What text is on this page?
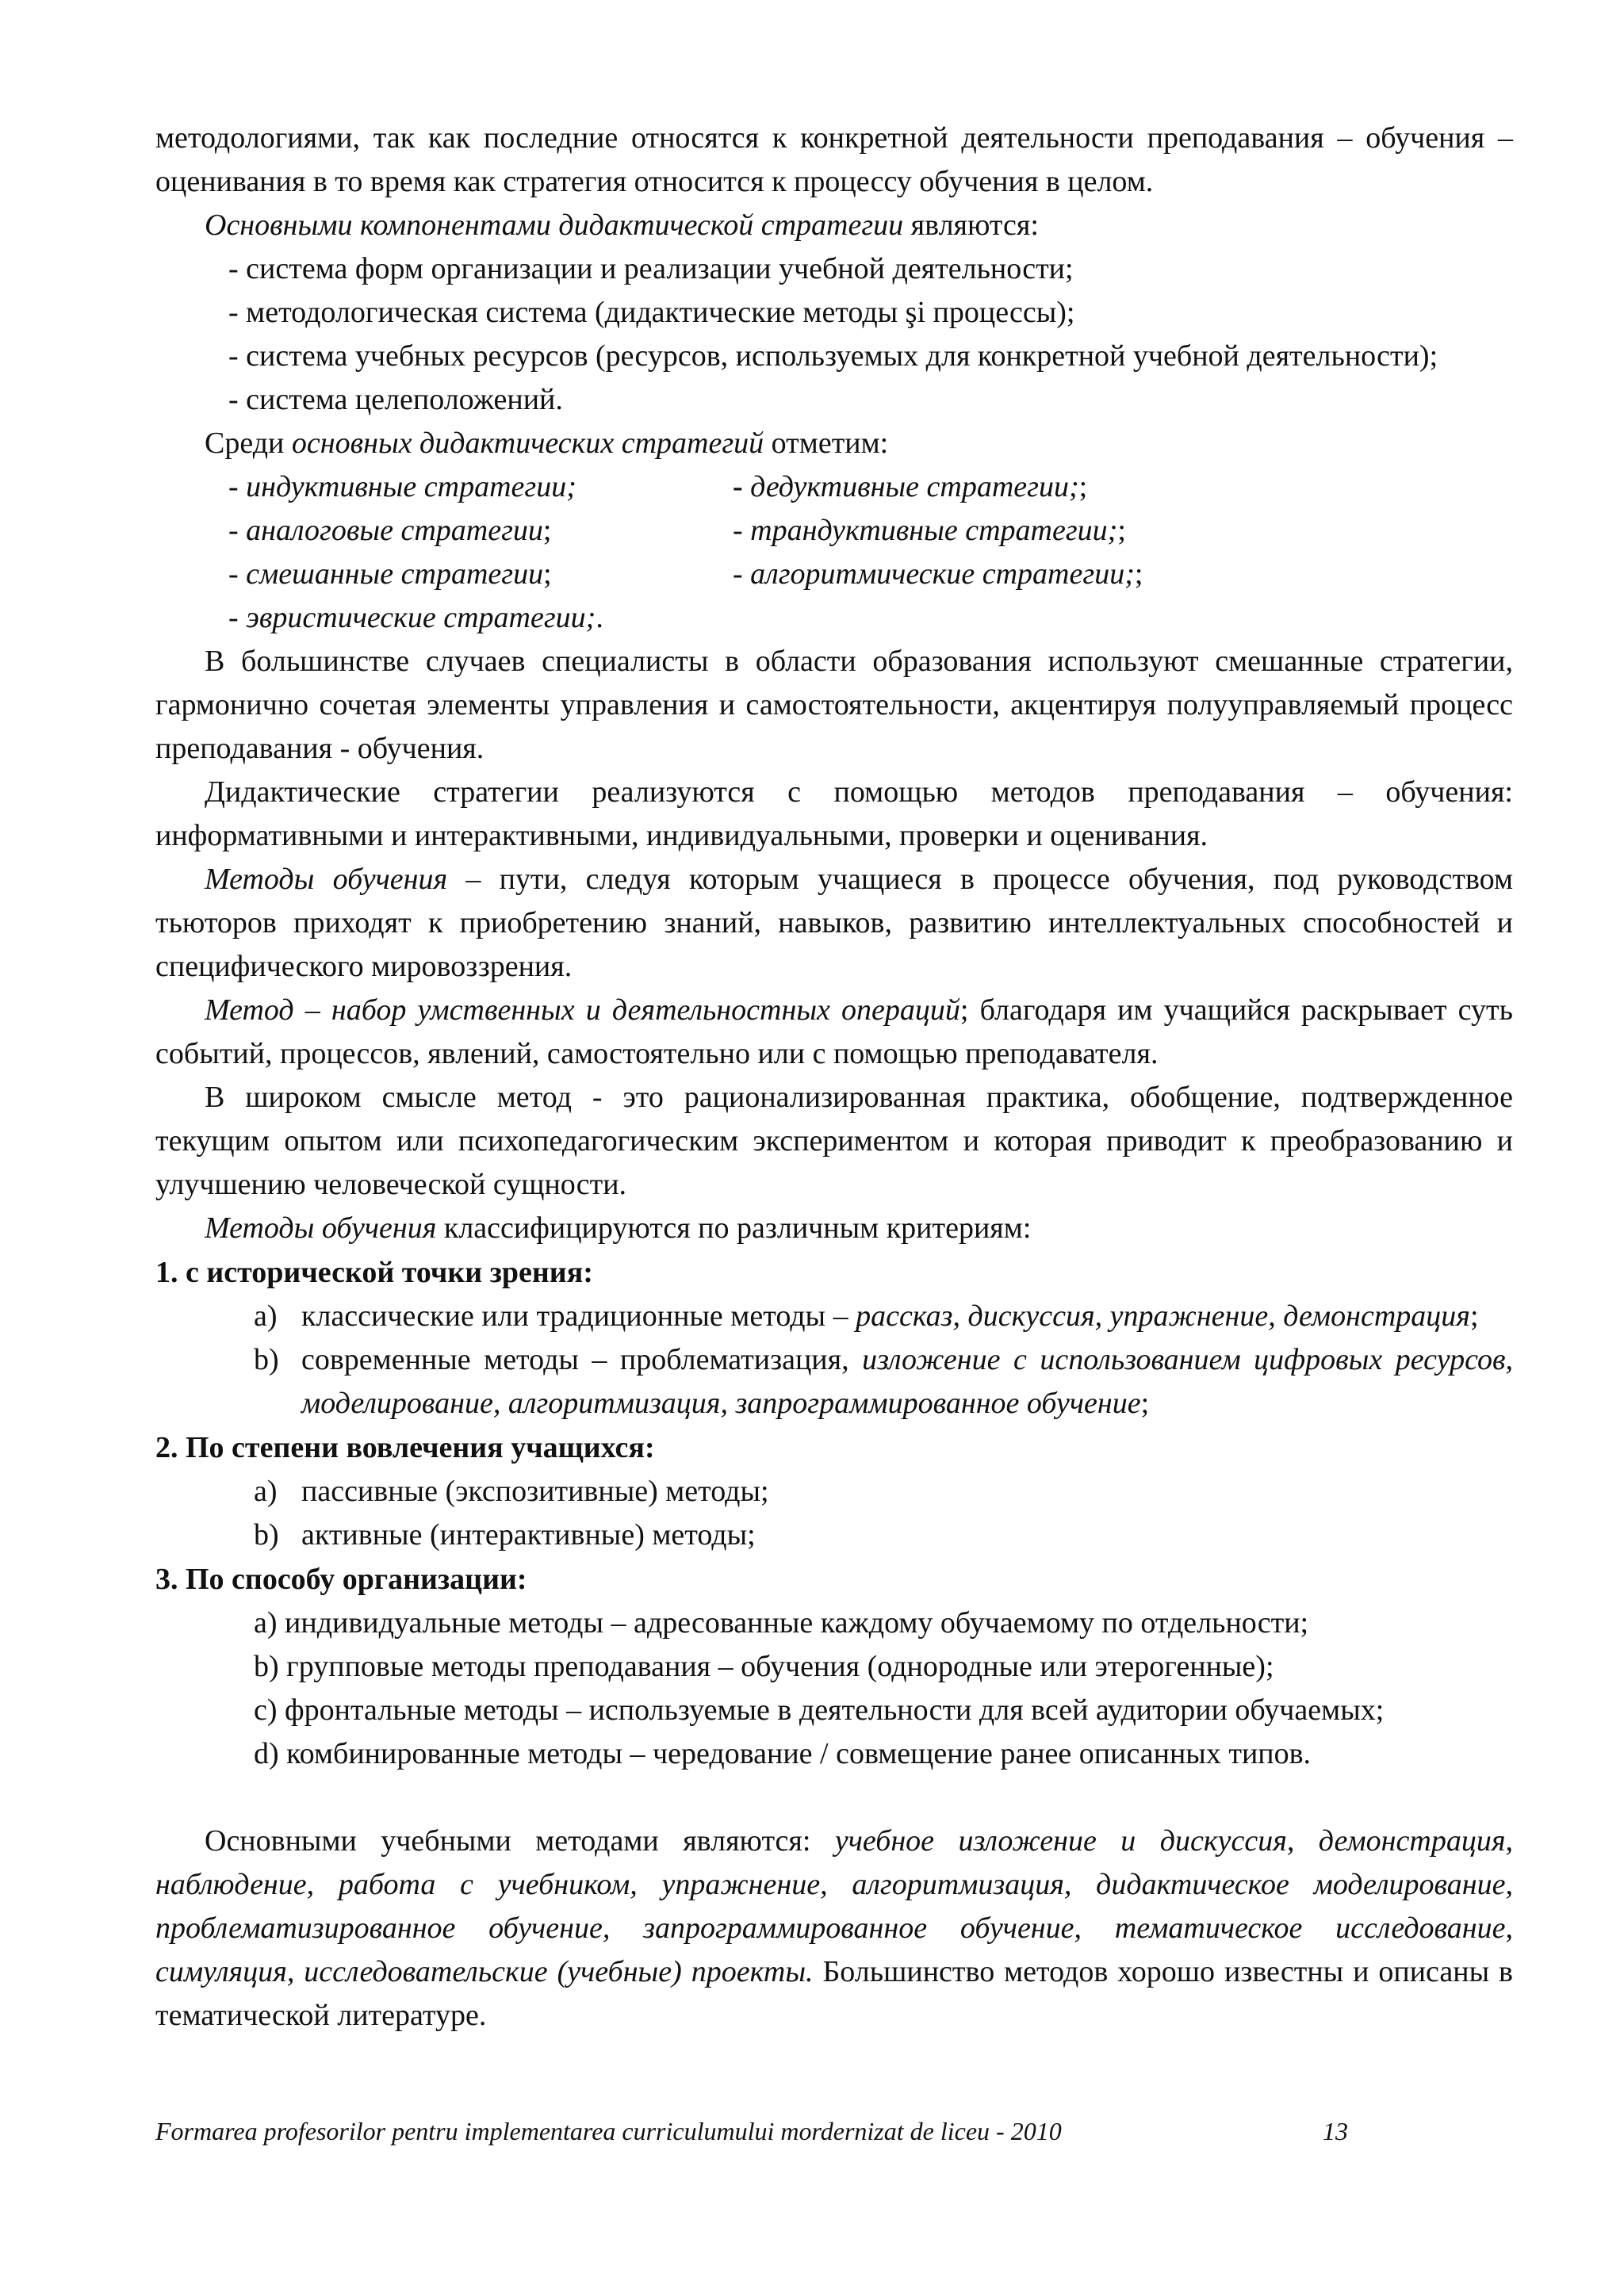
методологиями, так как последние относятся к конкретной деятельности преподавания – обучения – оценивания в то время как стратегия относится к процессу обучения в целом.

Основными компонентами дидактической стратегии являются:

- система форм организации и реализации учебной деятельности;

- методологическая система (дидактические методы şi процессы);

- система учебных ресурсов (ресурсов, используемых для конкретной учебной деятельности);

- система целеположений.

Среди основных дидактических стратегий отметим:

- индуктивные стратегии;	- дедуктивные стратегии;;
- аналоговые стратегии;	- трандуктивные стратегии;;
- смешанные стратегии;	- алгоритмические стратегии;;
- эвристические стратегии;.

В большинстве случаев специалисты в области образования используют смешанные стратегии, гармонично сочетая элементы управления и самостоятельности, акцентируя полууправляемый процесс преподавания - обучения.

Дидактические стратегии реализуются с помощью методов преподавания – обучения: информативными и интерактивными, индивидуальными, проверки и оценивания.

Методы обучения – пути, следуя которым учащиеся в процессе обучения, под руководством тьюторов приходят к приобретению знаний, навыков, развитию интеллектуальных способностей и специфического мировоззрения.

Метод – набор умственных и деятельностных операций; благодаря им учащийся раскрывает суть событий, процессов, явлений, самостоятельно или с помощью преподавателя.

В широком смысле метод - это рационализированная практика, обобщение, подтвержденное текущим опытом или психопедагогическим экспериментом и которая приводит к преобразованию и улучшению человеческой сущности.

Методы обучения классифицируются по различным критериям:

1. с исторической точки зрения:

a) классические или традиционные методы – рассказ, дискуссия, упражнение, демонстрация;
b) современные методы – проблематизация, изложение с использованием цифровых ресурсов, моделирование, алгоритмизация, запрограммированное обучение;

2. По степени вовлечения учащихся:

a) пассивные (экспозитивные) методы;
b) активные (интерактивные) методы;

3. По способу организации:

a) индивидуальные методы – адресованные каждому обучаемому по отдельности;

b) групповые методы преподавания – обучения (однородные или этерогенные);

c) фронтальные методы – используемые в деятельности для всей аудитории обучаемых;

d) комбинированные методы – чередование / совмещение ранее описанных типов.

Основными учебными методами являются: учебное изложение и дискуссия, демонстрация, наблюдение, работа с учебником, упражнение, алгоритмизация, дидактическое моделирование, проблематизированное обучение, запрограммированное обучение, тематическое исследование, симуляция, исследовательские (учебные) проекты. Большинство методов хорошо известны и описаны в тематической литературе.

Formarea profesorilor pentru implementarea curriculumului mordernizat de liceu - 2010	13
